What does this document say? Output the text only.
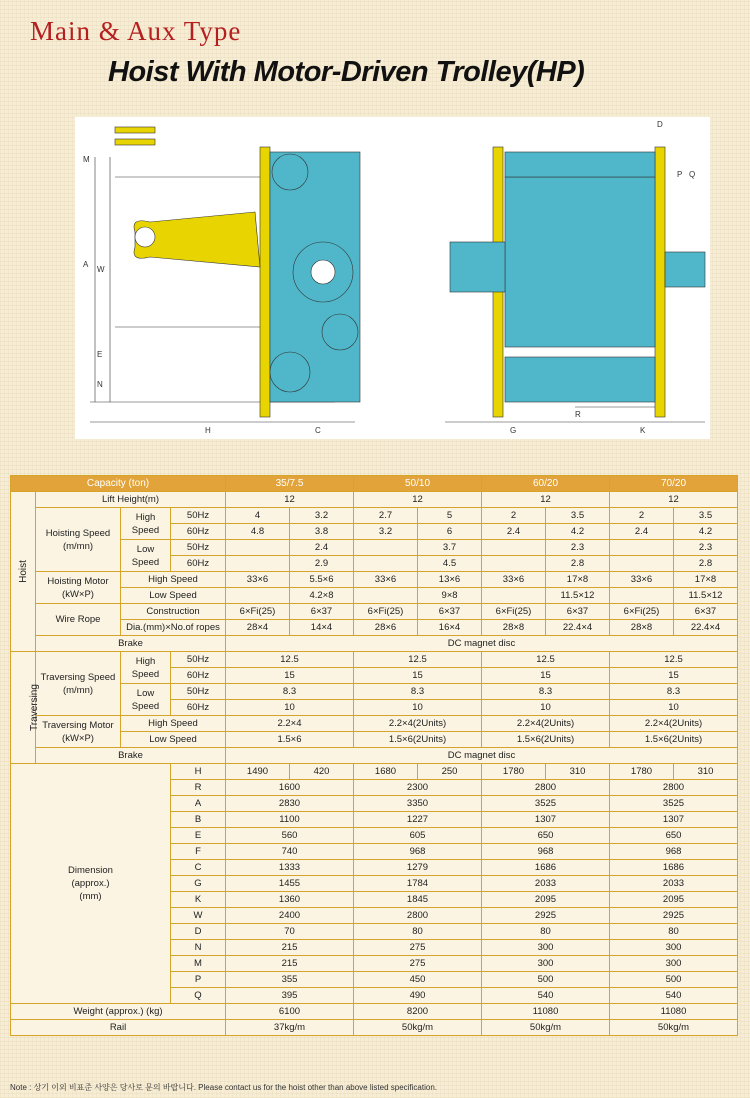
Main & Aux Type
Hoist With Motor-Driven Trolley(HP)
M
A
W
E
N
H	C
D
P Q
R
G	K
Capacity (ton)				35/7.5		50/10		60/20		70/20	
Hoist	Lift Height(m)			12		12		12		12	
	Hoisting Speed
(m/mn)	High
Speed	50Hz	4	3.2	2.7	5	2	3.5	2	3.5
			60Hz	4.8	3.8	3.2	6	2.4	4.2	2.4	4.2
		Low
Speed	50Hz		2.4		3.7		2.3		2.3
			60Hz		2.9		4.5		2.8		2.8
	Hoisting Motor
(kW×P)	High Speed		33×6	5.5×6	33×6	13×6	33×6	17×8	33×6	17×8
		Low Speed			4.2×8		9×8		11.5×12		11.5×12
	Wire Rope	Construction		6×Fi(25)	6×37	6×Fi(25)	6×37	6×Fi(25)	6×37	6×Fi(25)	6×37
		Dia.(mm)×No.of ropes		28×4	14×4	28×6	16×4	28×8	22.4×4	28×8	22.4×4
	Brake			DC magnet disc							
Traversing	Traversing Speed
(m/mn)	High
Speed	50Hz	12.5		12.5		12.5		12.5	
			60Hz	15		15		15		15	
		Low
Speed	50Hz	8.3		8.3		8.3		8.3	
			60Hz	10		10		10		10	
	Traversing Motor
(kW×P)	High Speed		2.2×4		2.2×4(2Units)		2.2×4(2Units)		2.2×4(2Units)	
		Low Speed		1.5×6		1.5×6(2Units)		1.5×6(2Units)		1.5×6(2Units)	
	Brake			DC magnet disc							
Dimension
(approx.)
(mm)			H	1490	420	1680	250	1780	310	1780	310
			R	1600		2300		2800		2800	
			A	2830		3350		3525		3525	
			B	1100		1227		1307		1307	
			E	560		605		650		650	
			F	740		968		968		968	
			C	1333		1279		1686		1686	
			G	1455		1784		2033		2033	
			K	1360		1845		2095		2095	
			W	2400		2800		2925		2925	
			D	70		80		80		80	
			N	215		275		300		300	
			M	215		275		300		300	
			P	355		450		500		500	
			Q	395		490		540		540	
Weight (approx.) (kg)				6100		8200		11080		11080	
Rail				37kg/m		50kg/m		50kg/m		50kg/m	
Note : 상기 이외 비표준 사양은 당사로 문의 바랍니다. Please contact us for the hoist other than above listed specification.
